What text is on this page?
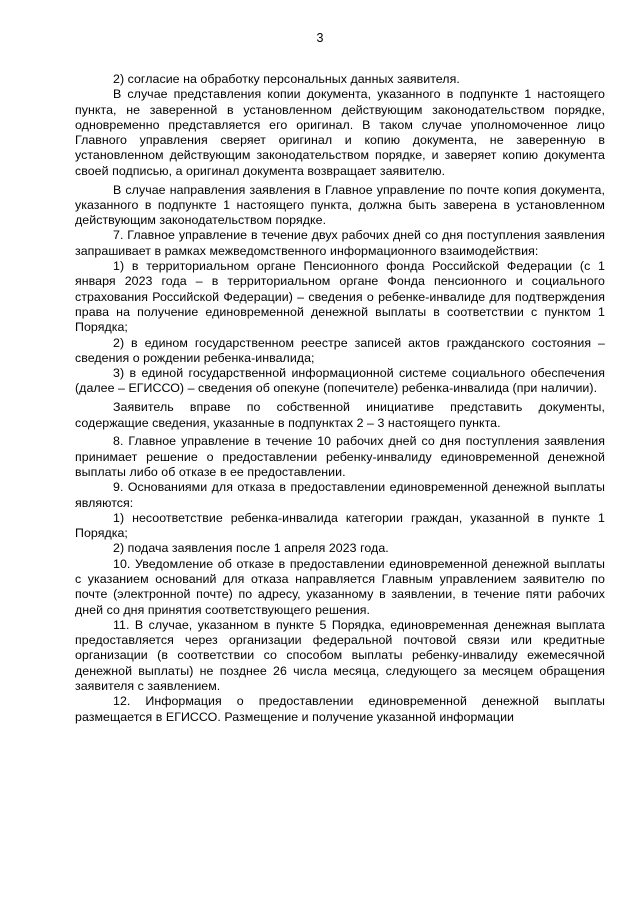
3

2) согласие на обработку персональных данных заявителя.

В случае представления копии документа, указанного в подпункте 1 настоящего пункта, не заверенной в установленном действующим законодательством порядке, одновременно представляется его оригинал. В таком случае уполномоченное лицо Главного управления сверяет оригинал и копию документа, не заверенную в установленном действующим законодательством порядке, и заверяет копию документа своей подписью, а оригинал документа возвращает заявителю.

В случае направления заявления в Главное управление по почте копия документа, указанного в подпункте 1 настоящего пункта, должна быть заверена в установленном действующим законодательством порядке.

7. Главное управление в течение двух рабочих дней со дня поступления заявления запрашивает в рамках межведомственного информационного взаимодействия:

1) в территориальном органе Пенсионного фонда Российской Федерации (с 1 января 2023 года – в территориальном органе Фонда пенсионного и социального страхования Российской Федерации) – сведения о ребенке-инвалиде для подтверждения права на получение единовременной денежной выплаты в соответствии с пунктом 1 Порядка;

2) в едином государственном реестре записей актов гражданского состояния – сведения о рождении ребенка-инвалида;

3) в единой государственной информационной системе социального обеспечения (далее – ЕГИССО) – сведения об опекуне (попечителе) ребенка-инвалида (при наличии).

Заявитель вправе по собственной инициативе представить документы, содержащие сведения, указанные в подпунктах 2 – 3 настоящего пункта.

8. Главное управление в течение 10 рабочих дней со дня поступления заявления принимает решение о предоставлении ребенку-инвалиду единовременной денежной выплаты либо об отказе в ее предоставлении.

9. Основаниями для отказа в предоставлении единовременной денежной выплаты являются:

1) несоответствие ребенка-инвалида категории граждан, указанной в пункте 1 Порядка;

2) подача заявления после 1 апреля 2023 года.

10. Уведомление об отказе в предоставлении единовременной денежной выплаты с указанием оснований для отказа направляется Главным управлением заявителю по почте (электронной почте) по адресу, указанному в заявлении, в течение пяти рабочих дней со дня принятия соответствующего решения.

11. В случае, указанном в пункте 5 Порядка, единовременная денежная выплата предоставляется через организации федеральной почтовой связи или кредитные организации (в соответствии со способом выплаты ребенку-инвалиду ежемесячной денежной выплаты) не позднее 26 числа месяца, следующего за месяцем обращения заявителя с заявлением.

12. Информация о предоставлении единовременной денежной выплаты размещается в ЕГИССО. Размещение и получение указанной информации
